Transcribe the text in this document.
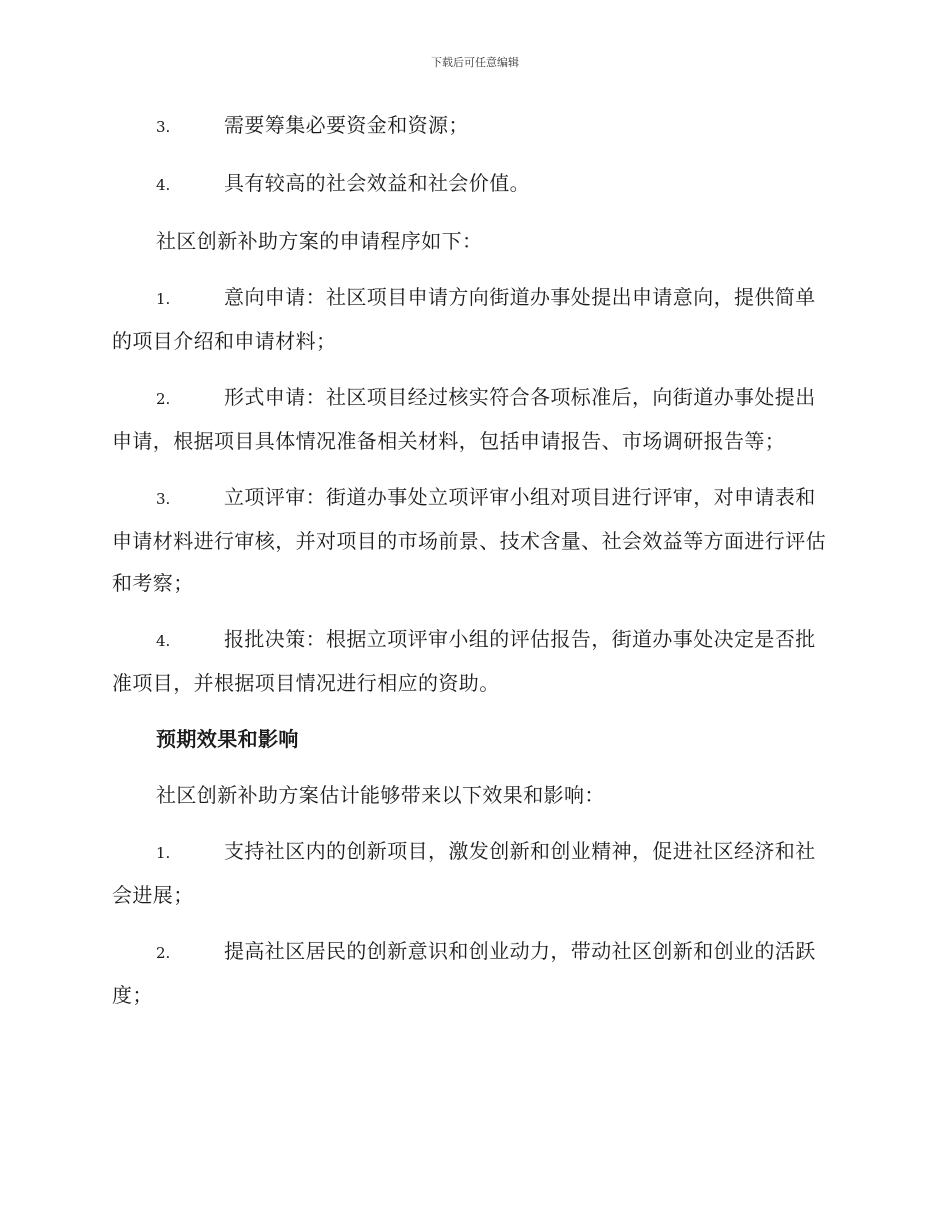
下载后可任意编辑
3.	需要筹集必要资金和资源；
4.	具有较高的社会效益和社会价值。
社区创新补助方案的申请程序如下：
1.	意向申请：社区项目申请方向街道办事处提出申请意向，提供简单的项目介绍和申请材料；
2.	形式申请：社区项目经过核实符合各项标准后，向街道办事处提出申请，根据项目具体情况准备相关材料，包括申请报告、市场调研报告等；
3.	立项评审：街道办事处立项评审小组对项目进行评审，对申请表和申请材料进行审核，并对项目的市场前景、技术含量、社会效益等方面进行评估和考察；
4.	报批决策：根据立项评审小组的评估报告，街道办事处决定是否批准项目，并根据项目情况进行相应的资助。
预期效果和影响
社区创新补助方案估计能够带来以下效果和影响：
1.	支持社区内的创新项目，激发创新和创业精神，促进社区经济和社会进展；
2.	提高社区居民的创新意识和创业动力，带动社区创新和创业的活跃度；
